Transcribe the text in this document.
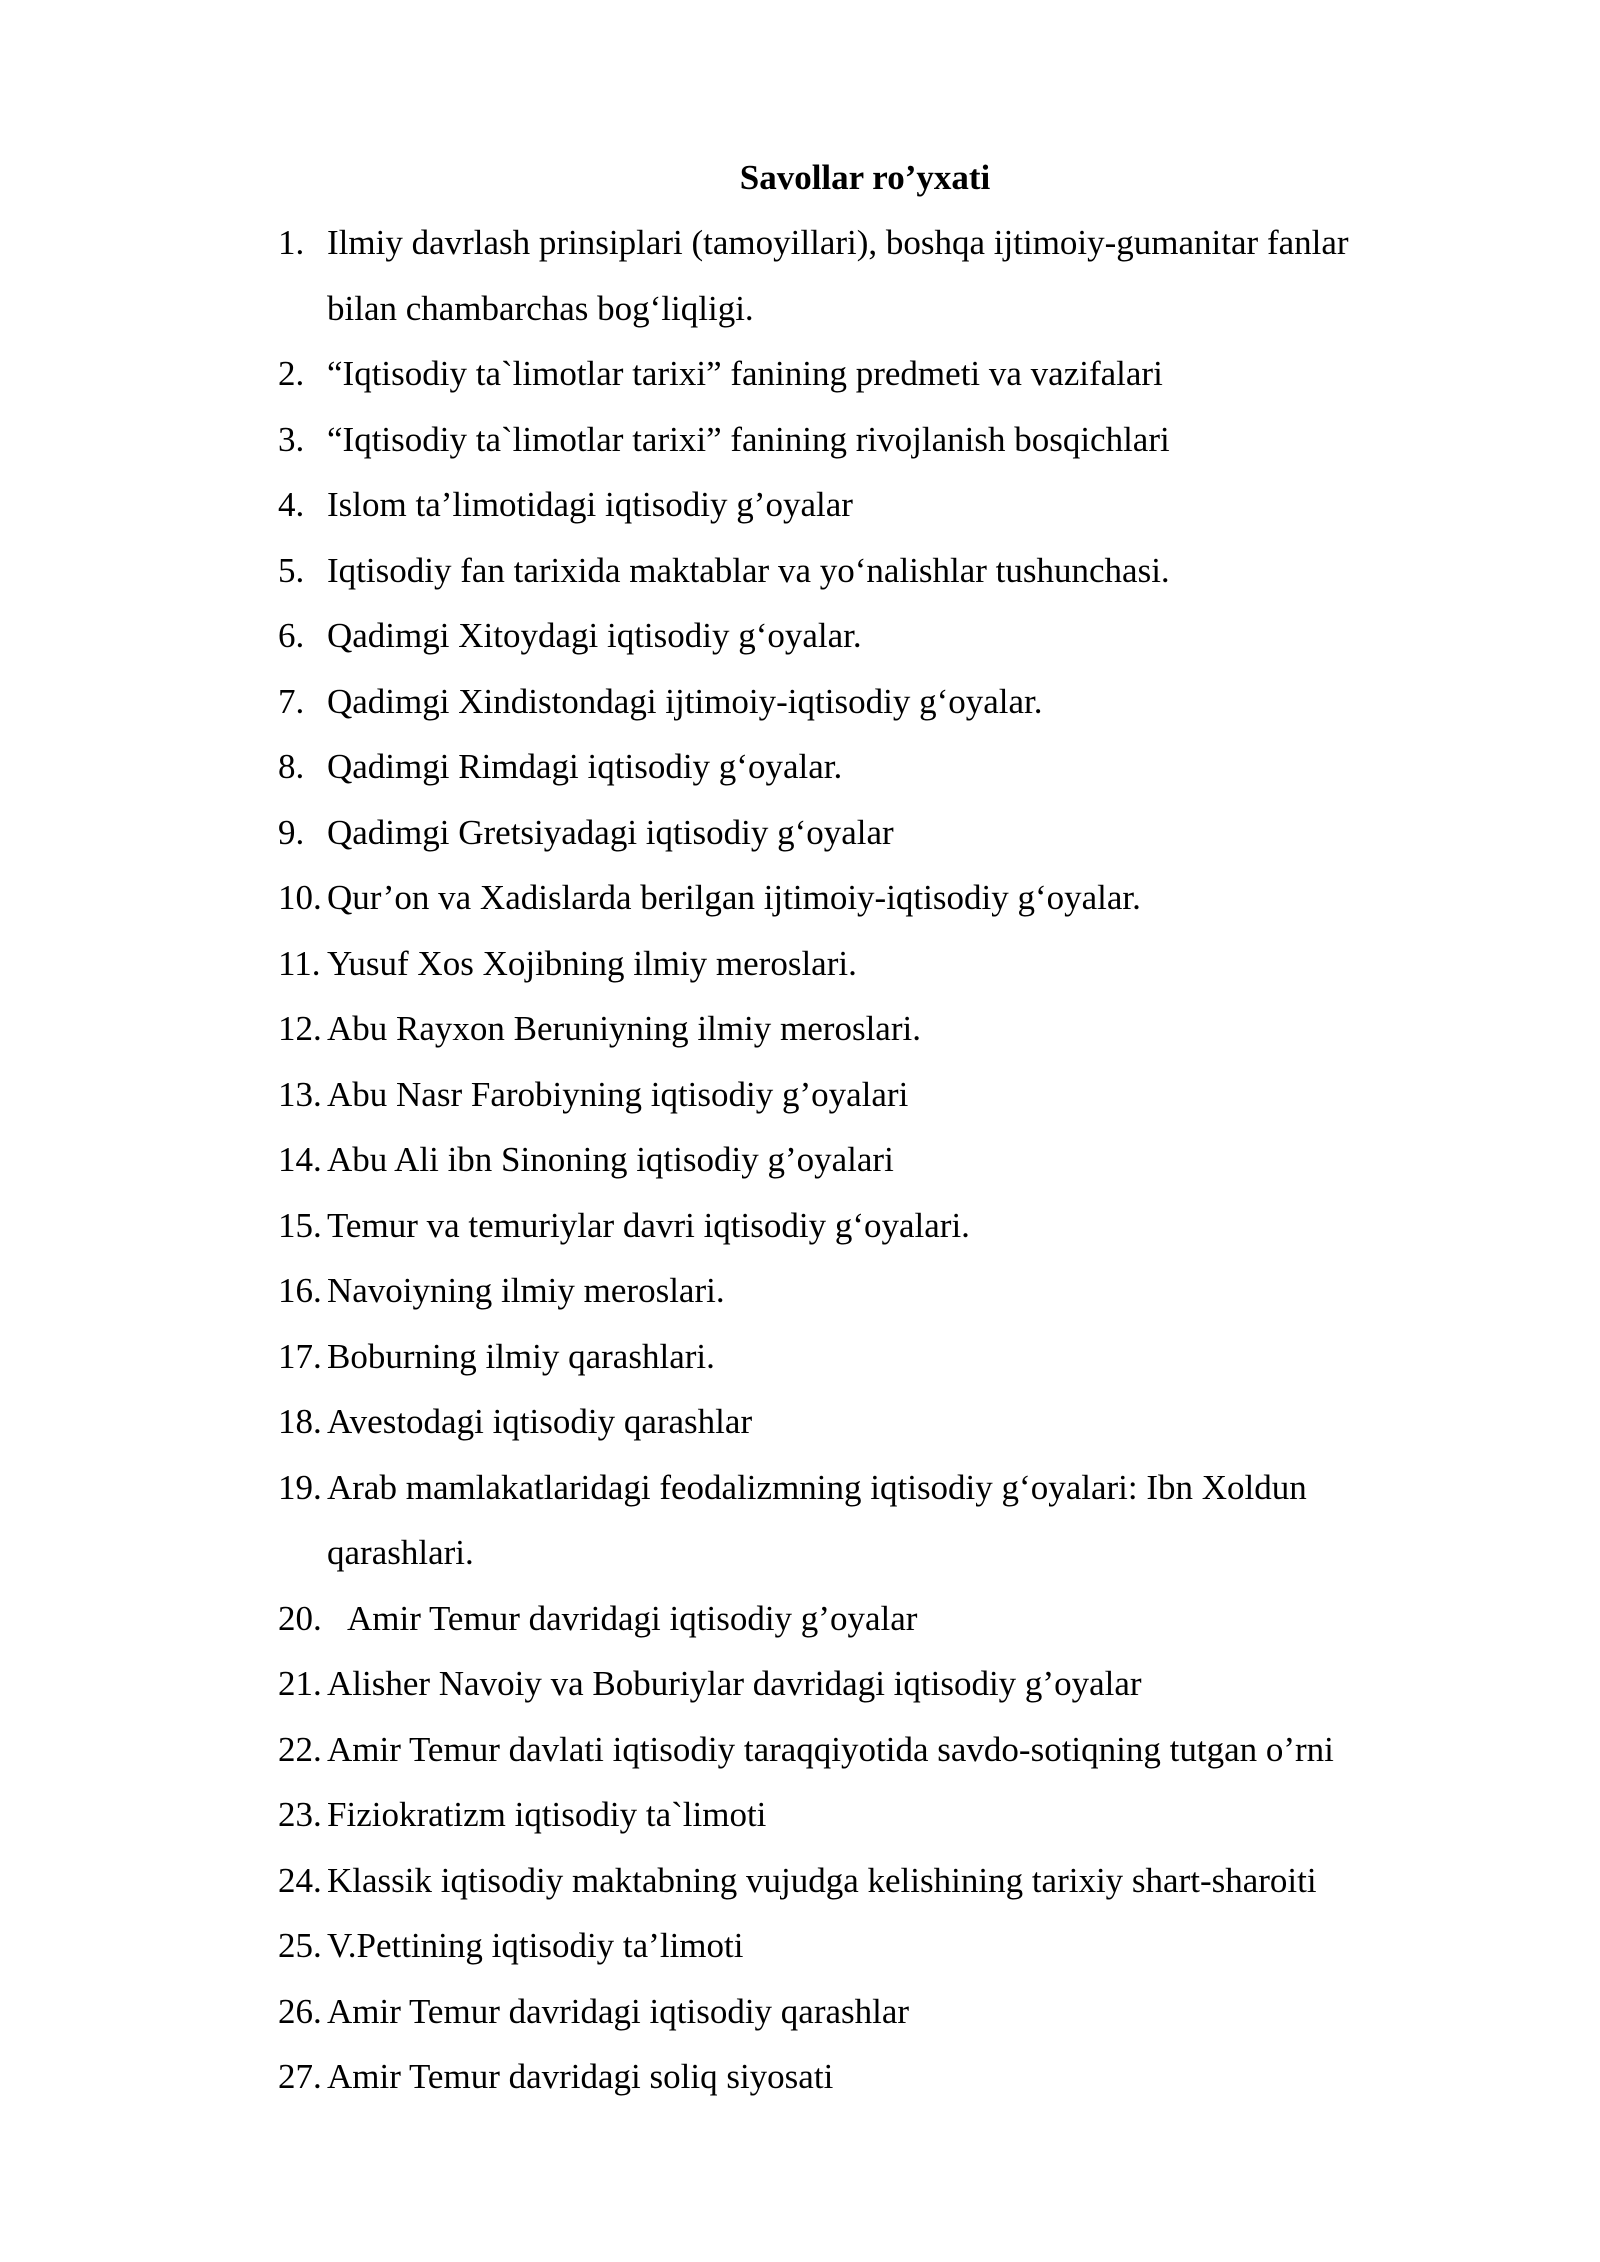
Savollar ro’yxati
1. Ilmiy davrlash prinsiplari (tamoyillari), boshqa ijtimoiy-gumanitar fanlar
bilan chambarchas bog‘liqligi.
2. “Iqtisodiy ta`limotlar tarixi” fanining predmeti va vazifalari
3. “Iqtisodiy ta`limotlar tarixi” fanining rivojlanish bosqichlari
4. Islom ta’limotidagi iqtisodiy g’oyalar
5. Iqtisodiy fan tarixida maktablar va yo‘nalishlar tushunchasi.
6. Qadimgi Xitoydagi iqtisodiy g‘oyalar.
7. Qadimgi Xindistondagi ijtimoiy-iqtisodiy g‘oyalar.
8. Qadimgi Rimdagi iqtisodiy g‘oyalar.
9. Qadimgi Gretsiyadagi iqtisodiy g‘oyalar
10. Qur’on va Xadislarda berilgan ijtimoiy-iqtisodiy g‘oyalar.
11. Yusuf Xos Xojibning ilmiy meroslari.
12. Abu Rayxon Beruniyning ilmiy meroslari.
13. Abu Nasr Farobiyning iqtisodiy g’oyalari
14. Abu Ali ibn Sinoning iqtisodiy g’oyalari
15. Temur va temuriylar davri iqtisodiy g‘oyalari.
16. Navoiyning ilmiy meroslari.
17. Boburning ilmiy qarashlari.
18. Avestodagi iqtisodiy qarashlar
19. Arab mamlakatlaridagi feodalizmning iqtisodiy g‘oyalari: Ibn Xoldun
qarashlari.
20. Amir Temur davridagi iqtisodiy g’oyalar
21. Alisher Navoiy va Boburiylar davridagi iqtisodiy g’oyalar
22. Amir Temur davlati iqtisodiy taraqqiyotida savdo-sotiqning tutgan o’rni
23. Fiziokratizm iqtisodiy ta`limoti
24. Klassik iqtisodiy maktabning vujudga kelishining tarixiy shart-sharoiti
25. V.Pettining iqtisodiy ta’limoti
26. Amir Temur davridagi iqtisodiy qarashlar
27. Amir Temur davridagi soliq siyosati
